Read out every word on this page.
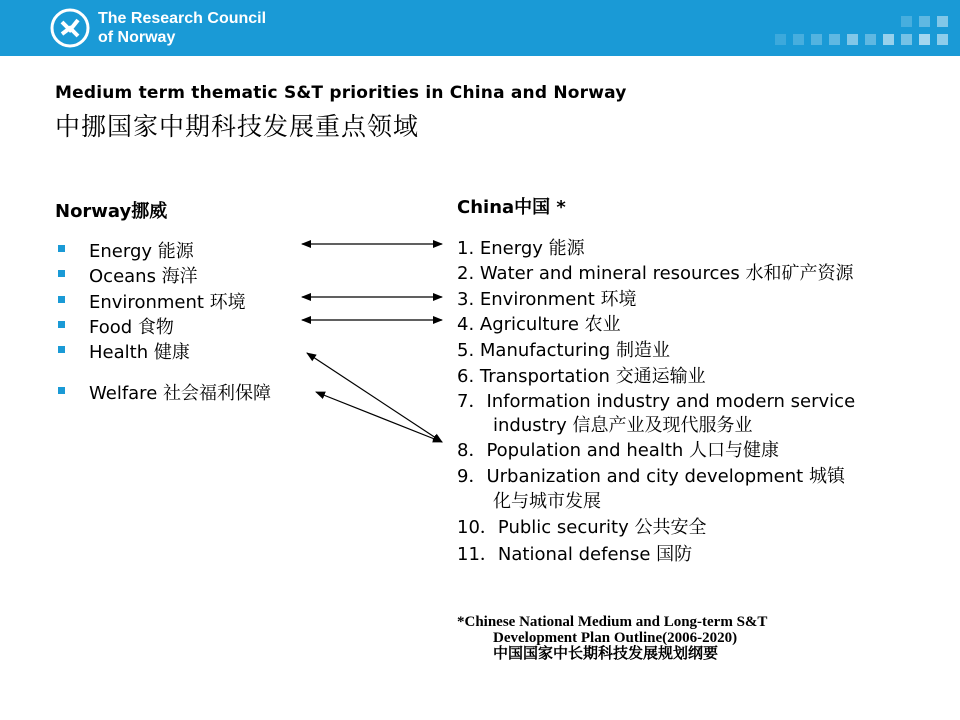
The Research Council
of Norway
Medium term thematic S&T priorities in China and Norway
中挪国家中期科技发展重点领域
Norway挪威
Energy 能源
Oceans 海洋
Environment 环境
Food 食物
Health 健康
Welfare 社会福利保障
China中国 *
1. Energy 能源
2. Water and mineral resources 水和矿产资源
3. Environment 环境
4. Agriculture 农业
5. Manufacturing 制造业
6. Transportation 交通运输业
7．Information industry and modern service
industry 信息产业及现代服务业
8．Population and health 人口与健康
9．Urbanization and city development 城镇
化与城市发展
10．Public security 公共安全
11．National defense 国防
*Chinese National Medium and Long-term S&T
Development Plan Outline(2006-2020)
中国国家中长期科技发展规划纲要
